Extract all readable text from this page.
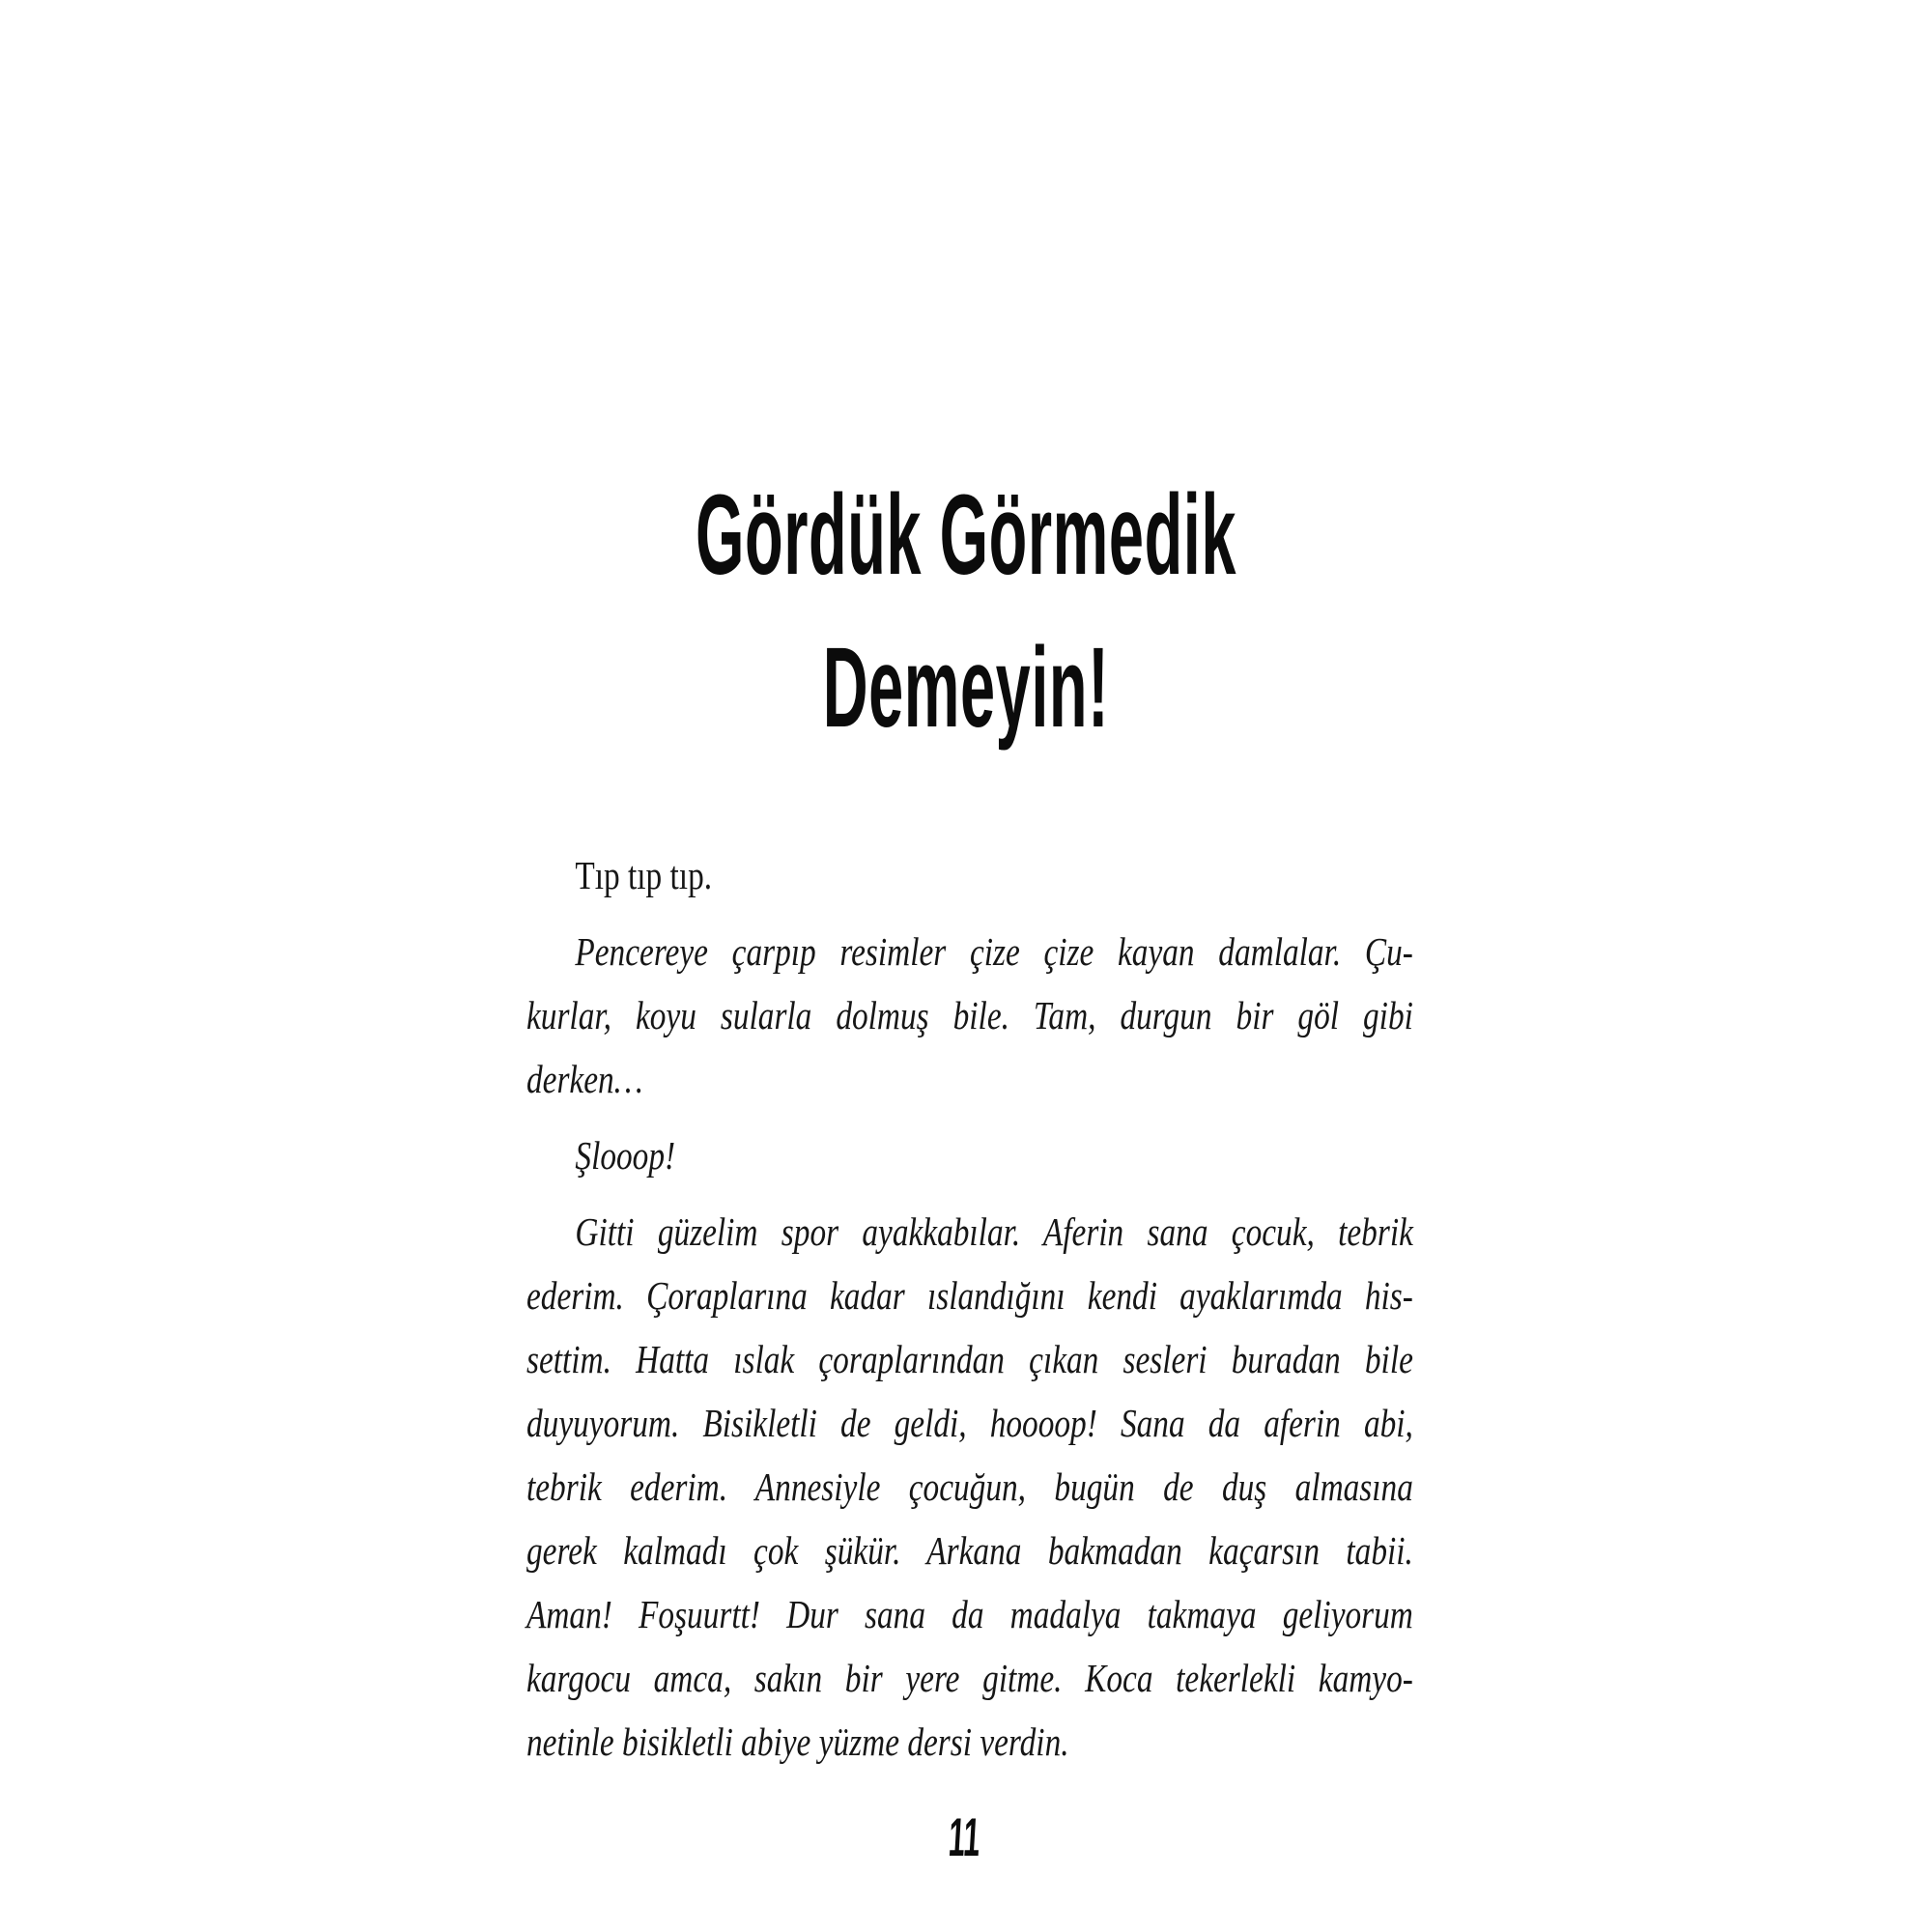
Gördük Görmedik
Demeyin!
Tıp tıp tıp.
Pencereye çarpıp resimler çize çize kayan damlalar. Çu-
kurlar, koyu sularla dolmuş bile. Tam, durgun bir göl gibi
derken…
Şlooop!
Gitti güzelim spor ayakkabılar. Aferin sana çocuk, tebrik
ederim. Çoraplarına kadar ıslandığını kendi ayaklarımda his-
settim. Hatta ıslak çoraplarından çıkan sesleri buradan bile
duyuyorum. Bisikletli de geldi, hoooop! Sana da aferin abi,
tebrik ederim. Annesiyle çocuğun, bugün de duş almasına
gerek kalmadı çok şükür. Arkana bakmadan kaçarsın tabii.
Aman! Foşuurtt! Dur sana da madalya takmaya geliyorum
kargocu amca, sakın bir yere gitme. Koca tekerlekli kamyo-
netinle bisikletli abiye yüzme dersi verdin.
11
